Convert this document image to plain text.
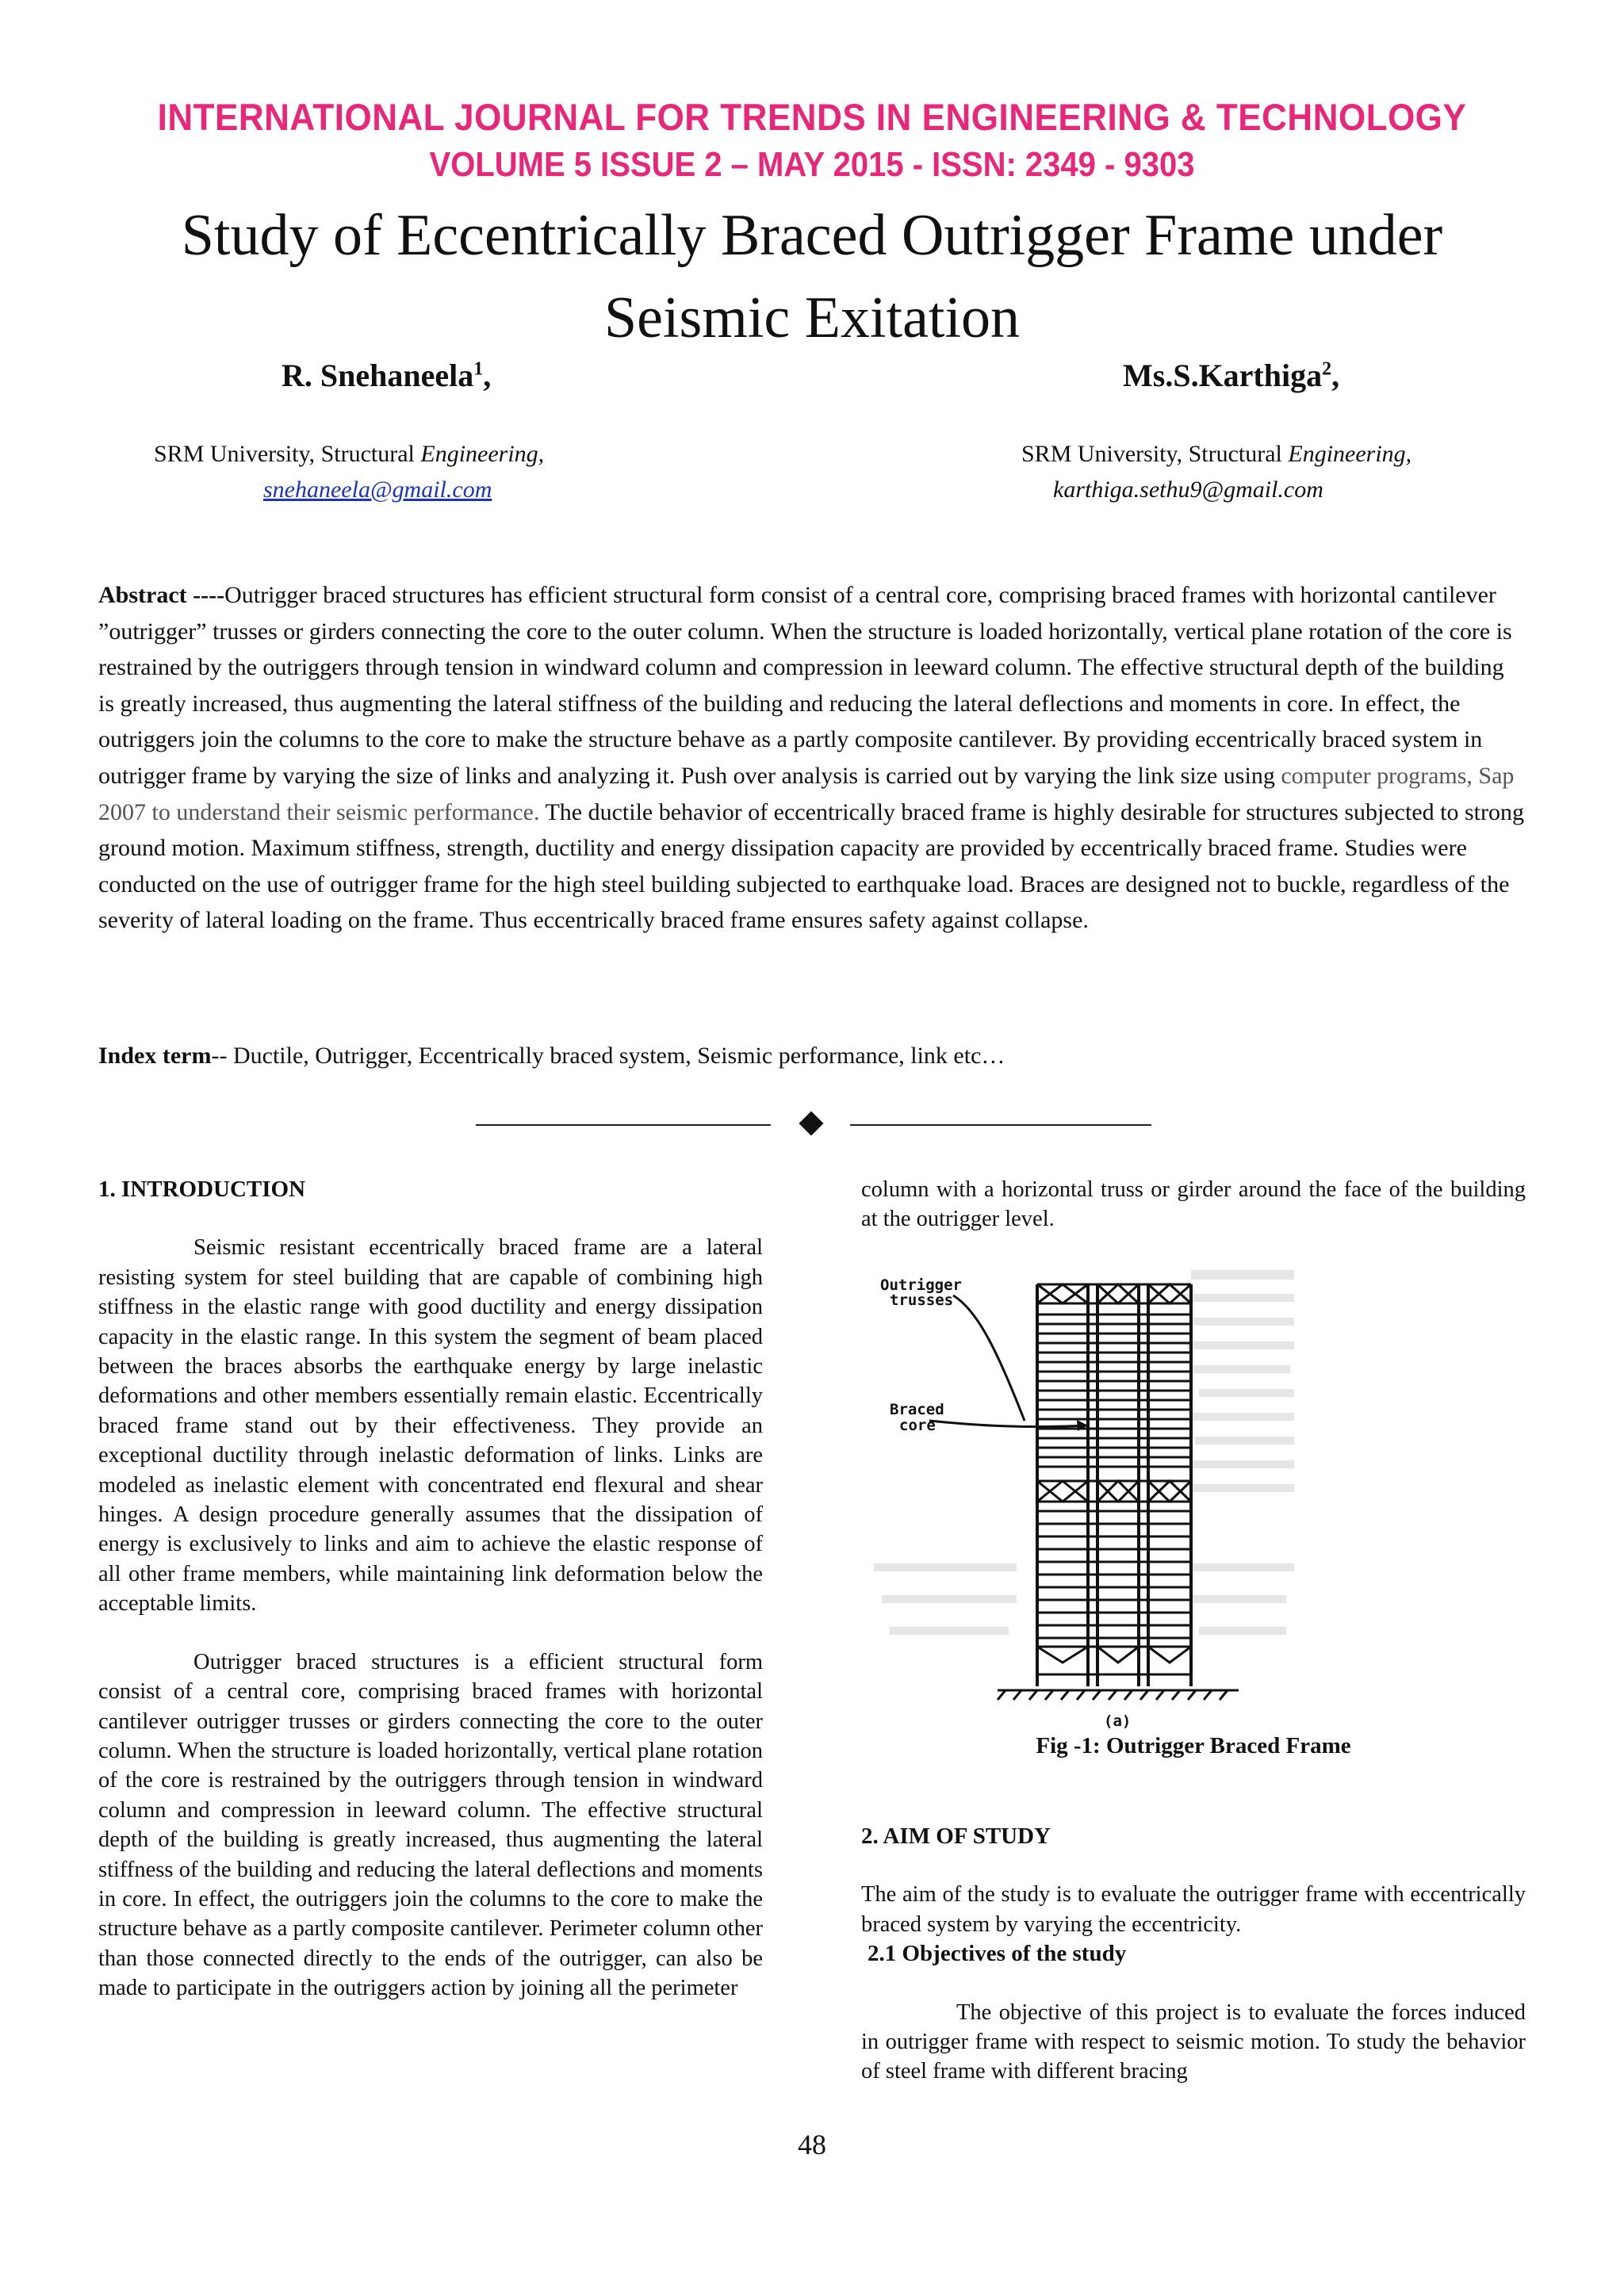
INTERNATIONAL JOURNAL FOR TRENDS IN ENGINEERING & TECHNOLOGY
VOLUME 5 ISSUE 2 – MAY 2015 - ISSN: 2349 - 9303
Study of Eccentrically Braced Outrigger Frame under
Seismic Exitation
R. Snehaneela$^1$,
SRM University, Structural Engineering,
snehaneela@gmail.com
Ms.S.Karthiga$^2$,
SRM University, Structural Engineering,
karthiga.sethu9@gmail.com
Abstract ----Outrigger braced structures has efficient structural form consist of a central core, comprising braced frames with horizontal cantilever ”outrigger” trusses or girders connecting the core to the outer column. When the structure is loaded horizontally, vertical plane rotation of the core is restrained by the outriggers through tension in windward column and compression in leeward column. The effective structural depth of the building is greatly increased, thus augmenting the lateral stiffness of the building and reducing the lateral deflections and moments in core. In effect, the outriggers join the columns to the core to make the structure behave as a partly composite cantilever. By providing eccentrically braced system in outrigger frame by varying the size of links and analyzing it. Push over analysis is carried out by varying the link size using computer programs, Sap 2007 to understand their seismic performance. The ductile behavior of eccentrically braced frame is highly desirable for structures subjected to strong ground motion. Maximum stiffness, strength, ductility and energy dissipation capacity are provided by eccentrically braced frame. Studies were conducted on the use of outrigger frame for the high steel building subjected to earthquake load. Braces are designed not to buckle, regardless of the severity of lateral loading on the frame. Thus eccentrically braced frame ensures safety against collapse.
Index term-- Ductile, Outrigger, Eccentrically braced system, Seismic performance, link etc…

1. INTRODUCTION

Seismic resistant eccentrically braced frame are a lateral resisting system for steel building that are capable of combining high stiffness in the elastic range with good ductility and energy dissipation capacity in the elastic range. In this system the segment of beam placed between the braces absorbs the earthquake energy by large inelastic deformations and other members essentially remain elastic. Eccentrically braced frame stand out by their effectiveness. They provide an exceptional ductility through inelastic deformation of links. Links are modeled as inelastic element with concentrated end flexural and shear hinges. A design procedure generally assumes that the dissipation of energy is exclusively to links and aim to achieve the elastic response of all other frame members, while maintaining link deformation below the acceptable limits.

Outrigger braced structures is a efficient structural form consist of a central core, comprising braced frames with horizontal cantilever outrigger trusses or girders connecting the core to the outer column. When the structure is loaded horizontally, vertical plane rotation of the core is restrained by the outriggers through tension in windward column and compression in leeward column. The effective structural depth of the building is greatly increased, thus augmenting the lateral stiffness of the building and reducing the lateral deflections and moments in core. In effect, the outriggers join the columns to the core to make the structure behave as a partly composite cantilever. Perimeter column other than those connected directly to the ends of the outrigger, can also be made to participate in the outriggers action by joining all the perimeter

column with a horizontal truss or girder around the face of the building at the outrigger level.
Outrigger
trusses
Braced
core
(a)
Fig -1: Outrigger Braced Frame

2. AIM OF STUDY

The aim of the study is to evaluate the outrigger frame with eccentrically braced system by varying the eccentricity.

2.1 Objectives of the study

The objective of this project is to evaluate the forces induced in outrigger frame with respect to seismic motion. To study the behavior of steel frame with different bracing

48
